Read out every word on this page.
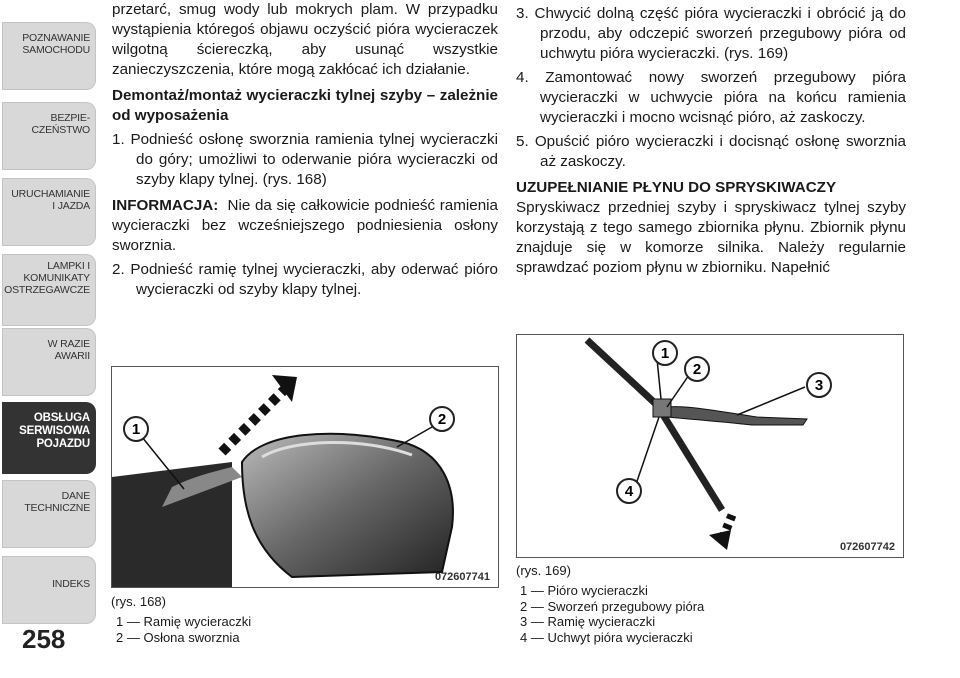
POZNAWANIE
SAMOCHODU
BEZPIE-
CZEŃSTWO
URUCHAMIANIE
I JAZDA
LAMPKI I
KOMUNIKATY
OSTRZEGAWCZE
W RAZIE
AWARII
OBSŁUGA
SERWISOWA
POJAZDU
DANE
TECHNICZNE
INDEKS
258

przetarć, smug wody lub mokrych plam. W przypadku wystąpienia któregoś objawu oczyścić pióra wycieraczek wilgotną ściereczką, aby usunąć wszystkie zanieczyszczenia, które mogą zakłócać ich działanie.

Demontaż/montaż wycieraczki tylnej szyby – zależnie od wyposażenia

1. Podnieść osłonę sworznia ramienia tylnej wycieraczki do góry; umożliwi to oderwanie pióra wycieraczki od szyby klapy tylnej. (rys. 168)

INFORMACJA: Nie da się całkowicie podnieść ramienia wycieraczki bez wcześniejszego podniesienia osłony sworznia.

2. Podnieść ramię tylnej wycieraczki, aby oderwać pióro wycieraczki od szyby klapy tylnej.

3. Chwycić dolną część pióra wycieraczki i obrócić ją do przodu, aby odczepić sworzeń przegubowy pióra od uchwytu pióra wycieraczki. (rys. 169)

4. Zamontować nowy sworzeń przegubowy pióra wycieraczki w uchwycie pióra na końcu ramienia wycieraczki i mocno wcisnąć pióro, aż zaskoczy.

5. Opuścić pióro wycieraczki i docisnąć osłonę sworznia aż zaskoczy.

UZUPEŁNIANIE PŁYNU DO SPRYSKIWACZY

Spryskiwacz przedniej szyby i spryskiwacz tylnej szyby korzystają z tego samego zbiornika płynu. Zbiornik płynu znajduje się w komorze silnika. Należy regularnie sprawdzać poziom płynu w zbiorniku. Napełnić

1
2
072607741
(rys. 168)
1 — Ramię wycieraczki
2 — Osłona sworznia
1
2
3
4
072607742
(rys. 169)
1 — Pióro wycieraczki
2 — Sworzeń przegubowy pióra
3 — Ramię wycieraczki
4 — Uchwyt pióra wycieraczki
